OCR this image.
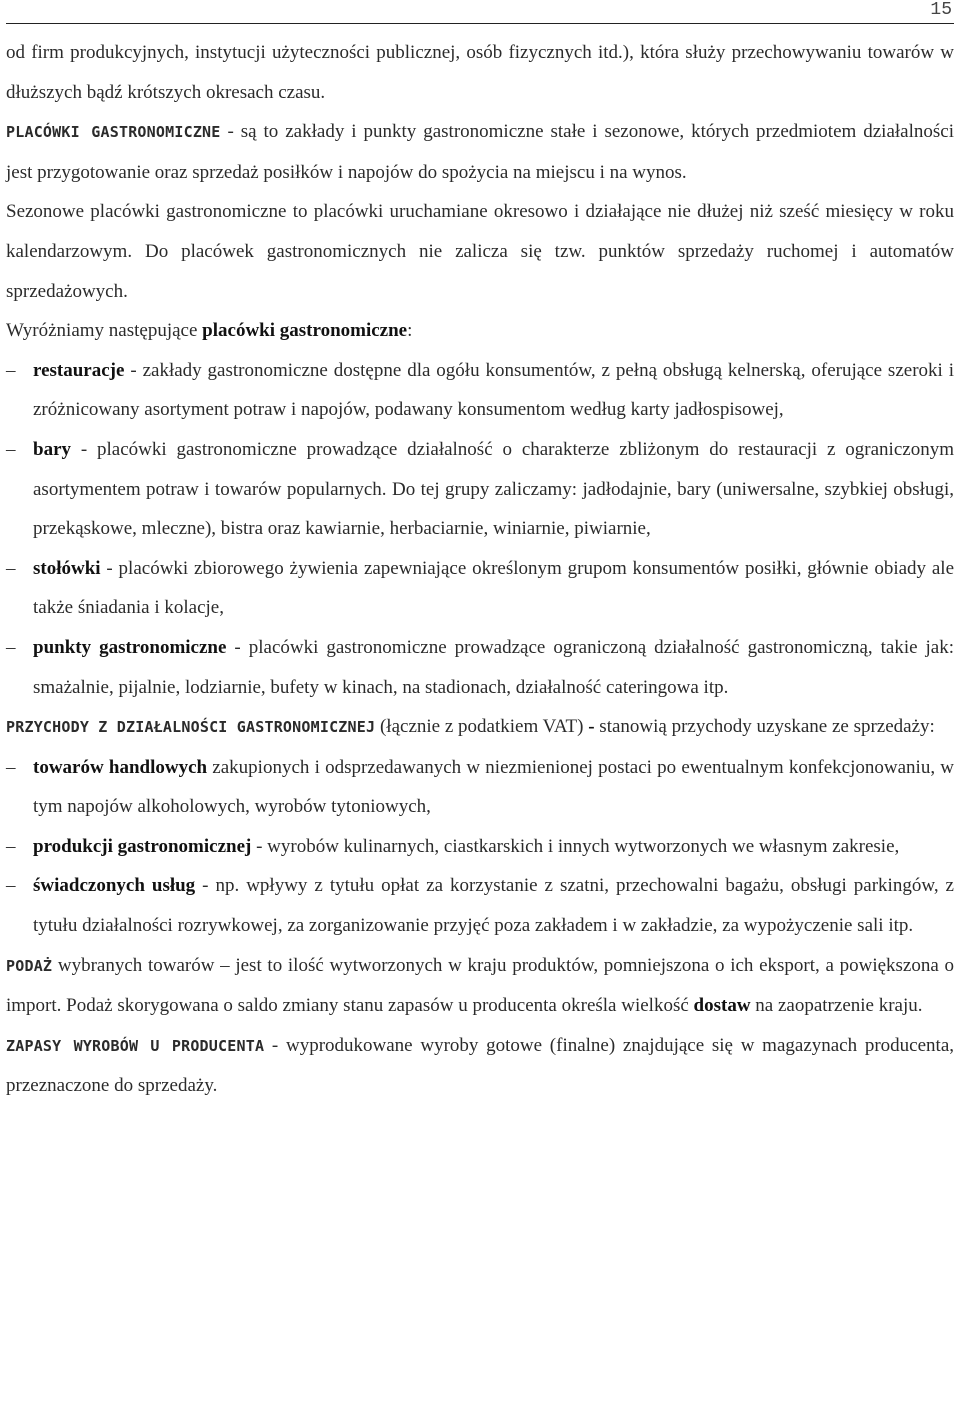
15

od firm produkcyjnych, instytucji użyteczności publicznej, osób fizycznych itd.), która służy przechowywaniu towarów w dłuższych bądź krótszych okresach czasu.

PLACÓWKI GASTRONOMICZNE - są to zakłady i punkty gastronomiczne stałe i sezonowe, których przedmiotem działalności jest przygotowanie oraz sprzedaż posiłków i napojów do spożycia na miejscu i na wynos.

Sezonowe placówki gastronomiczne to placówki uruchamiane okresowo i działające nie dłużej niż sześć miesięcy w roku kalendarzowym. Do placówek gastronomicznych nie zalicza się tzw. punktów sprzedaży ruchomej i automatów sprzedażowych.

Wyróżniamy następujące placówki gastronomiczne:

– restauracje - zakłady gastronomiczne dostępne dla ogółu konsumentów, z pełną obsługą kelnerską, oferujące szeroki i zróżnicowany asortyment potraw i napojów, podawany konsumentom według karty jadłospisowej,
– bary - placówki gastronomiczne prowadzące działalność o charakterze zbliżonym do restauracji z ograniczonym asortymentem potraw i towarów popularnych. Do tej grupy zaliczamy: jadłodajnie, bary (uniwersalne, szybkiej obsługi, przekąskowe, mleczne), bistra oraz kawiarnie, herbaciarnie, winiarnie, piwiarnie,
– stołówki - placówki zbiorowego żywienia zapewniające określonym grupom konsumentów posiłki, głównie obiady ale także śniadania i kolacje,
– punkty gastronomiczne - placówki gastronomiczne prowadzące ograniczoną działalność gastronomiczną, takie jak: smażalnie, pijalnie, lodziarnie, bufety w kinach, na stadionach, działalność cateringowa itp.

PRZYCHODY Z DZIAŁALNOŚCI GASTRONOMICZNEJ (łącznie z podatkiem VAT) - stanowią przychody uzyskane ze sprzedaży:

– towarów handlowych zakupionych i odsprzedawanych w niezmienionej postaci po ewentualnym konfekcjonowaniu, w tym napojów alkoholowych, wyrobów tytoniowych,
– produkcji gastronomicznej - wyrobów kulinarnych, ciastkarskich i innych wytworzonych we własnym zakresie,
– świadczonych usług - np. wpływy z tytułu opłat za korzystanie z szatni, przechowalni bagażu, obsługi parkingów, z tytułu działalności rozrywkowej, za zorganizowanie przyjęć poza zakładem i w zakładzie, za wypożyczenie sali itp.

PODAŻ wybranych towarów – jest to ilość wytworzonych w kraju produktów, pomniejszona o ich eksport, a powiększona o import. Podaż skorygowana o saldo zmiany stanu zapasów u producenta określa wielkość dostaw na zaopatrzenie kraju.

ZAPASY WYROBÓW U PRODUCENTA - wyprodukowane wyroby gotowe (finalne) znajdujące się w magazynach producenta, przeznaczone do sprzedaży.
